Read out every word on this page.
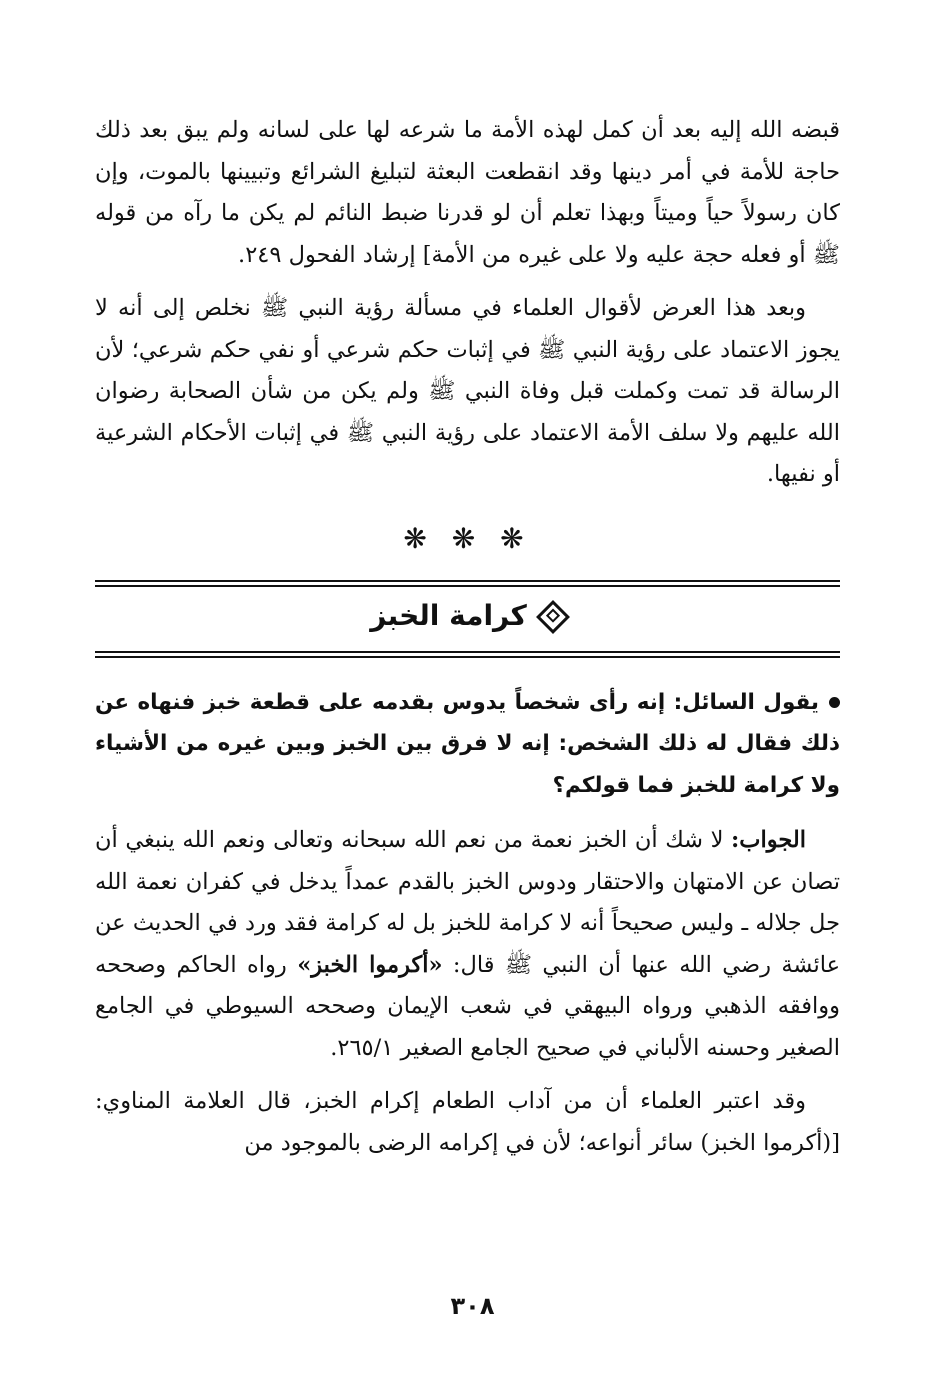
قبضه الله إليه بعد أن كمل لهذه الأمة ما شرعه لها على لسانه ولم يبق بعد ذلك حاجة للأمة في أمر دينها وقد انقطعت البعثة لتبليغ الشرائع وتبيينها بالموت، وإن كان رسولاً حياً وميتاً وبهذا تعلم أن لو قدرنا ضبط النائم لم يكن ما رآه من قوله ﷺ أو فعله حجة عليه ولا على غيره من الأمة] إرشاد الفحول ٢٤٩.

وبعد هذا العرض لأقوال العلماء في مسألة رؤية النبي ﷺ نخلص إلى أنه لا يجوز الاعتماد على رؤية النبي ﷺ في إثبات حكم شرعي أو نفي حكم شرعي؛ لأن الرسالة قد تمت وكملت قبل وفاة النبي ﷺ ولم يكن من شأن الصحابة رضوان الله عليهم ولا سلف الأمة الاعتماد على رؤية النبي ﷺ في إثبات الأحكام الشرعية أو نفيها.

❋ ❋ ❋
كرامة الخبز
يقول السائل: إنه رأى شخصاً يدوس بقدمه على قطعة خبز فنهاه عن ذلك فقال له ذلك الشخص: إنه لا فرق بين الخبز وبين غيره من الأشياء ولا كرامة للخبز فما قولكم؟

الجواب: لا شك أن الخبز نعمة من نعم الله سبحانه وتعالى ونعم الله ينبغي أن تصان عن الامتهان والاحتقار ودوس الخبز بالقدم عمداً يدخل في كفران نعمة الله جل جلاله ـ وليس صحيحاً أنه لا كرامة للخبز بل له كرامة فقد ورد في الحديث عن عائشة رضي الله عنها أن النبي ﷺ قال: «أكرموا الخبز» رواه الحاكم وصححه ووافقه الذهبي ورواه البيهقي في شعب الإيمان وصححه السيوطي في الجامع الصغير وحسنه الألباني في صحيح الجامع الصغير ٢٦٥/١.

وقد اعتبر العلماء أن من آداب الطعام إكرام الخبز، قال العلامة المناوي: [(أكرموا الخبز) سائر أنواعه؛ لأن في إكرامه الرضى بالموجود من

٣٠٨
